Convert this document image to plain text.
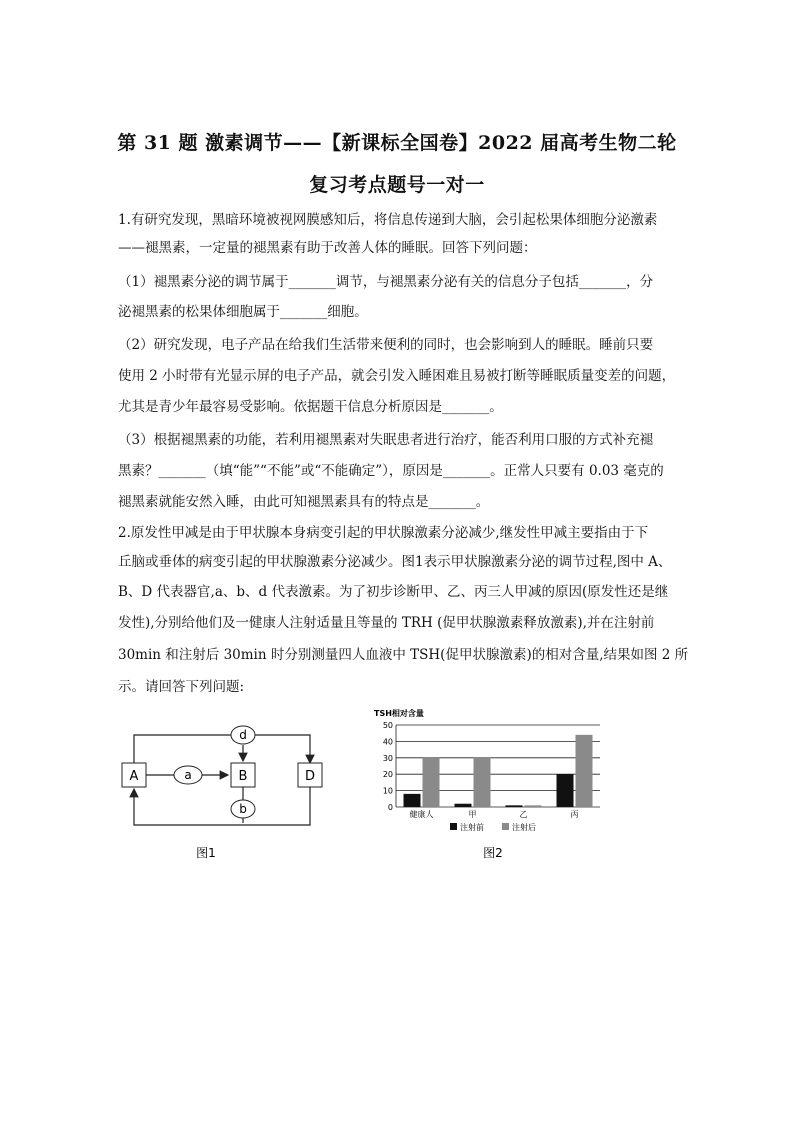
第 31 题 激素调节——【新课标全国卷】2022 届高考生物二轮
复习考点题号一对一
1.有研究发现，黑暗环境被视网膜感知后，将信息传递到大脑，会引起松果体细胞分泌激素
——褪黑素，一定量的褪黑素有助于改善人体的睡眠。回答下列问题：
（1）褪黑素分泌的调节属于_______调节，与褪黑素分泌有关的信息分子包括_______，分
泌褪黑素的松果体细胞属于_______细胞。
（2）研究发现，电子产品在给我们生活带来便利的同时，也会影响到人的睡眠。睡前只要
使用 2 小时带有光显示屏的电子产品，就会引发入睡困难且易被打断等睡眠质量变差的问题，
尤其是青少年最容易受影响。依据题干信息分析原因是_______。
（3）根据褪黑素的功能，若利用褪黑素对失眠患者进行治疗，能否利用口服的方式补充褪
黑素？_______（填“能”“不能”或“不能确定”），原因是_______。正常人只要有 0.03 毫克的
褪黑素就能安然入睡，由此可知褪黑素具有的特点是_______。
2.原发性甲减是由于甲状腺本身病变引起的甲状腺激素分泌减少,继发性甲减主要指由于下
丘脑或垂体的病变引起的甲状腺激素分泌减少。图1表示甲状腺激素分泌的调节过程,图中 A、
B、D 代表器官,a、b、d 代表激素。为了初步诊断甲、乙、丙三人甲减的原因(原发性还是继
发性),分别给他们及一健康人注射适量且等量的 TRH (促甲状腺激素释放激素),并在注射前
30min 和注射后 30min 时分别测量四人血液中 TSH(促甲状腺激素)的相对含量,结果如图 2 所
示。请回答下列问题:
A	B	D
a
d
b
图1
TSH相对含量
0
10
20
30
40
50
健康人	甲	乙	丙
注射前	注射后
图2
